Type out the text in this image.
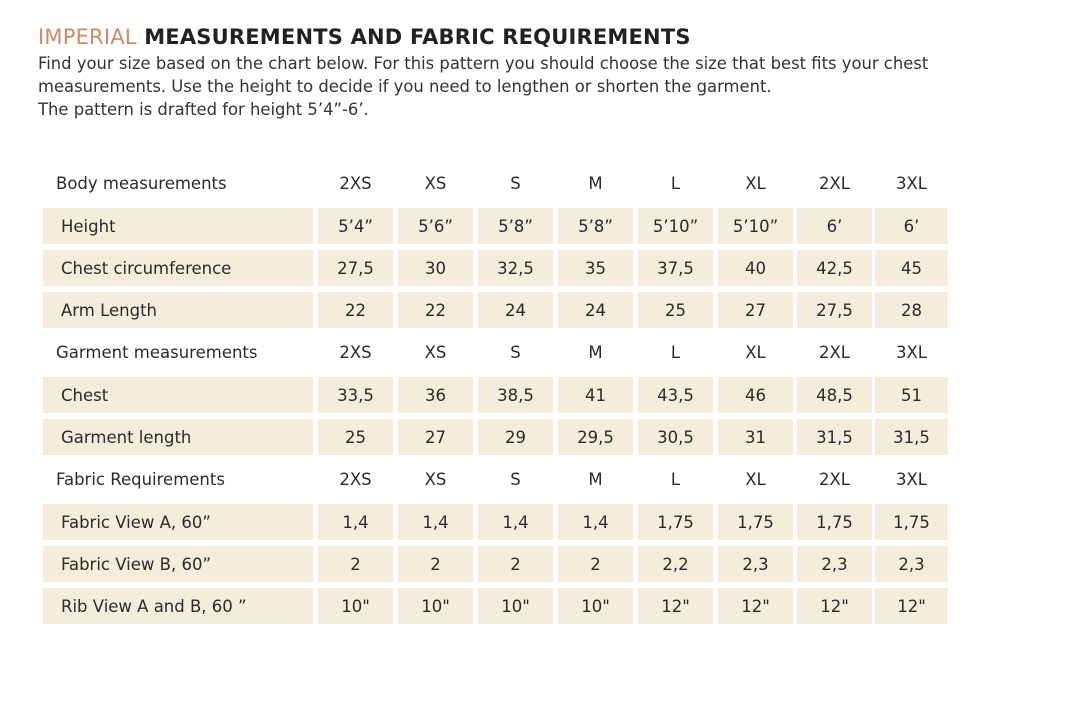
IMPERIAL MEASUREMENTS AND FABRIC REQUIREMENTS

Find your size based on the chart below. For this pattern you should choose the size that best fits your chest

measurements. Use the height to decide if you need to lengthen or shorten the garment.

The pattern is drafted for height 5’4”-6’.

Body measurements	2XS	XS	S	M	L	XL	2XL	3XL
Height	5’4”	5’6”	5’8”	5’8”	5’10”	5’10”	6’	6’
Chest circumference	27,5	30	32,5	35	37,5	40	42,5	45
Arm Length	22	22	24	24	25	27	27,5	28
Garment measurements	2XS	XS	S	M	L	XL	2XL	3XL
Chest	33,5	36	38,5	41	43,5	46	48,5	51
Garment length	25	27	29	29,5	30,5	31	31,5	31,5
Fabric Requirements	2XS	XS	S	M	L	XL	2XL	3XL
Fabric View A, 60”	1,4	1,4	1,4	1,4	1,75	1,75	1,75	1,75
Fabric View B, 60”	2	2	2	2	2,2	2,3	2,3	2,3
Rib View A and B, 60 ”	10"	10"	10"	10"	12"	12"	12"	12"
